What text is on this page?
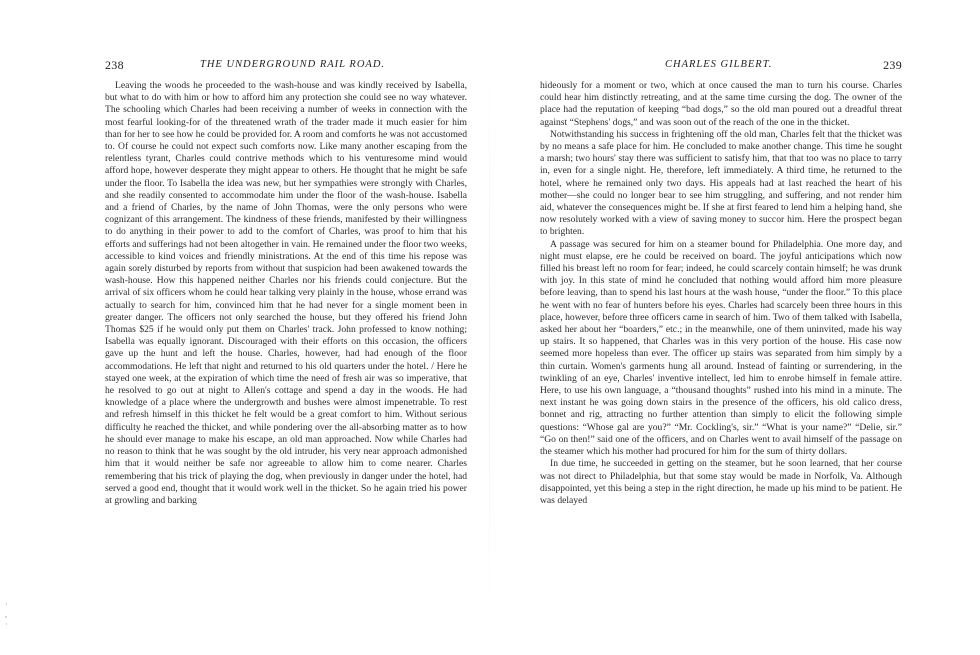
238	THE UNDERGROUND RAIL ROAD.

Leaving the woods he proceeded to the wash-house and was kindly received by Isabella, but what to do with him or how to afford him any protection she could see no way whatever. The schooling which Charles had been receiving a number of weeks in connection with the most fearful looking-for of the threatened wrath of the trader made it much easier for him than for her to see how he could be provided for. A room and comforts he was not accustomed to. Of course he could not expect such comforts now. Like many another escaping from the relentless tyrant, Charles could contrive methods which to his venturesome mind would afford hope, however desperate they might appear to others. He thought that he might be safe under the floor. To Isabella the idea was new, but her sympathies were strongly with Charles, and she readily consented to accommodate him under the floor of the wash-house. Isabella and a friend of Charles, by the name of John Thomas, were the only persons who were cognizant of this arrangement. The kindness of these friends, manifested by their willingness to do anything in their power to add to the comfort of Charles, was proof to him that his efforts and sufferings had not been altogether in vain. He remained under the floor two weeks, accessible to kind voices and friendly ministrations. At the end of this time his repose was again sorely disturbed by reports from without that suspicion had been awakened towards the wash-house. How this happened neither Charles nor his friends could conjecture. But the arrival of six officers whom he could hear talking very plainly in the house, whose errand was actually to search for him, convinced him that he had never for a single moment been in greater danger. The officers not only searched the house, but they offered his friend John Thomas $25 if he would only put them on Charles' track. John professed to know nothing; Isabella was equally ignorant. Discouraged with their efforts on this occasion, the officers gave up the hunt and left the house. Charles, however, had had enough of the floor accommodations. He left that night and returned to his old quarters under the hotel. / Here he stayed one week, at the expiration of which time the need of fresh air was so imperative, that he resolved to go out at night to Allen's cottage and spend a day in the woods. He had knowledge of a place where the undergrowth and bushes were almost impenetrable. To rest and refresh himself in this thicket he felt would be a great comfort to him. Without serious difficulty he reached the thicket, and while pondering over the all-absorbing matter as to how he should ever manage to make his escape, an old man approached. Now while Charles had no reason to think that he was sought by the old intruder, his very near approach admonished him that it would neither be safe nor agreeable to allow him to come nearer. Charles remembering that his trick of playing the dog, when previously in danger under the hotel, had served a good end, thought that it would work well in the thicket. So he again tried his power at growling and barking

·
,
·
CHARLES GILBERT.	239

hideously for a moment or two, which at once caused the man to turn his course. Charles could hear him distinctly retreating, and at the same time cursing the dog. The owner of the place had the reputation of keeping “bad dogs,” so the old man poured out a dreadful threat against “Stephens' dogs,” and was soon out of the reach of the one in the thicket.

Notwithstanding his success in frightening off the old man, Charles felt that the thicket was by no means a safe place for him. He concluded to make another change. This time he sought a marsh; two hours' stay there was sufficient to satisfy him, that that too was no place to tarry in, even for a single night. He, therefore, left immediately. A third time, he returned to the hotel, where he remained only two days. His appeals had at last reached the heart of his mother—she could no longer bear to see him struggling, and suffering, and not render him aid, whatever the consequences might be. If she at first feared to lend him a helping hand, she now resolutely worked with a view of saving money to succor him. Here the prospect began to brighten.

A passage was secured for him on a steamer bound for Philadelphia. One more day, and night must elapse, ere he could be received on board. The joyful anticipations which now filled his breast left no room for fear; indeed, he could scarcely contain himself; he was drunk with joy. In this state of mind he concluded that nothing would afford him more pleasure before leaving, than to spend his last hours at the wash house, “under the floor.” To this place he went with no fear of hunters before his eyes. Charles had scarcely been three hours in this place, however, before three officers came in search of him. Two of them talked with Isabella, asked her about her “boarders,” etc.; in the meanwhile, one of them uninvited, made his way up stairs. It so happened, that Charles was in this very portion of the house. His case now seemed more hopeless than ever. The officer up stairs was separated from him simply by a thin curtain. Women's garments hung all around. Instead of fainting or surrendering, in the twinkling of an eye, Charles' inventive intellect, led him to enrobe himself in female attire. Here, to use his own language, a “thousand thoughts” rushed into his mind in a minute. The next instant he was going down stairs in the presence of the officers, his old calico dress, bonnet and rig, attracting no further attention than simply to elicit the following simple questions: “Whose gal are you?” “Mr. Cockling's, sir.” “What is your name?” “Delie, sir.” “Go on then!” said one of the officers, and on Charles went to avail himself of the passage on the steamer which his mother had procured for him for the sum of thirty dollars.

In due time, he succeeded in getting on the steamer, but he soon learned, that her course was not direct to Philadelphia, but that some stay would be made in Norfolk, Va. Although disappointed, yet this being a step in the right direction, he made up his mind to be patient. He was delayed
